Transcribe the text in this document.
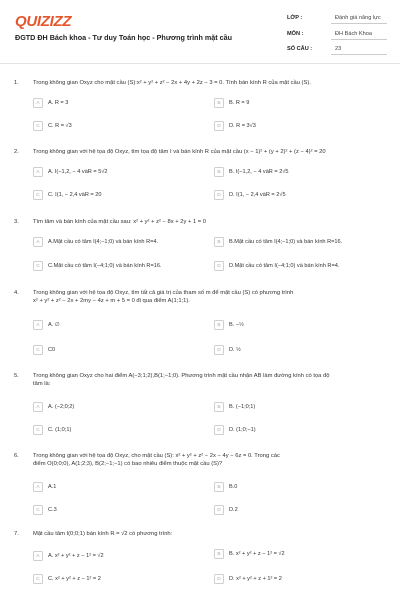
QUIZIZZ
ĐGTD ĐH Bách khoa - Tư duy Toán học - Phương trình mặt cầu
LỚP :	Đánh giá năng lực
MÔN :	ĐH Bách Khoa
SỐ CÂU :	23
1. Trong không gian Oxyz cho mặt cầu (S):x² + y² + z² − 2x + 4y + 2z − 3 = 0. Tính bán kính R của mặt cầu (S).
A	A. R = 3	B	B. R = 9
C	C. R = √3	D	D. R = 3√3
2. Trong không gian với hệ tọa độ Oxyz, tìm tọa độ tâm I và bán kính R của mặt cầu (x − 1)² + (y + 2)² + (z − 4)² = 20
A	A. I(−1,2, − 4 vàR = 5√2	B	B. I(−1,2, − 4 vàR = 2√5
C	C. I(1, − 2,4 vàR = 20	D	D. I(1, − 2,4 vàR = 2√5
3. Tìm tâm và bán kính của mặt cầu sau: x² + y² + z² − 8x + 2y + 1 = 0
A	A.Mặt cầu có tâm I(4;−1;0) và bán kính R=4.	B	B.Mặt cầu có tâm I(4;−1;0) và bán kính R=16.
C	C.Mặt cầu có tâm I(−4;1;0) và bán kính R=16.	D	D.Mặt cầu có tâm I(−4;1;0) và bán kính R=4.
4. Trong không gian với hệ tọa độ Oxyz, tìm tất cả giá trị của tham số m để mặt cầu (S) có phương trình
x² + y² + z² − 2x + 2my − 4z + m + 5 = 0 đi qua điểm A(1;1;1).
A	A. ∅	B	B. −½
C	C0	D	D. ½
5. Trong không gian Oxyz cho hai điểm A(−3;1;2),B(1;−1;0). Phương trình mặt cầu nhận AB làm đường kính có tọa độ
tâm là:
A	A. (−2;0;2)	B	B. (−1;0;1)
C	C. (1;0;1)	D	D. (1;0;−1)
6. Trong không gian với hệ tọa độ Oxyz, cho mặt cầu (S): x² + y² + z² − 2x − 4y − 6z = 0. Trong các
điểm O(0;0;0), A(1;2;3), B(2;−1;−1) có bao nhiêu điểm thuộc mặt cầu (S)?
A	A.1	B	B.0
C	C.3	D	D.2
7. Mặt cầu tâm I(0;0;1) bán kính R = √2 có phương trình:
A	A. x² + y² + z − 1² = √2	B	B. x² + y² + z − 1² = √2
C	C. x² + y² + z − 1² = 2	D	D. x² + y² + z + 1² = 2
